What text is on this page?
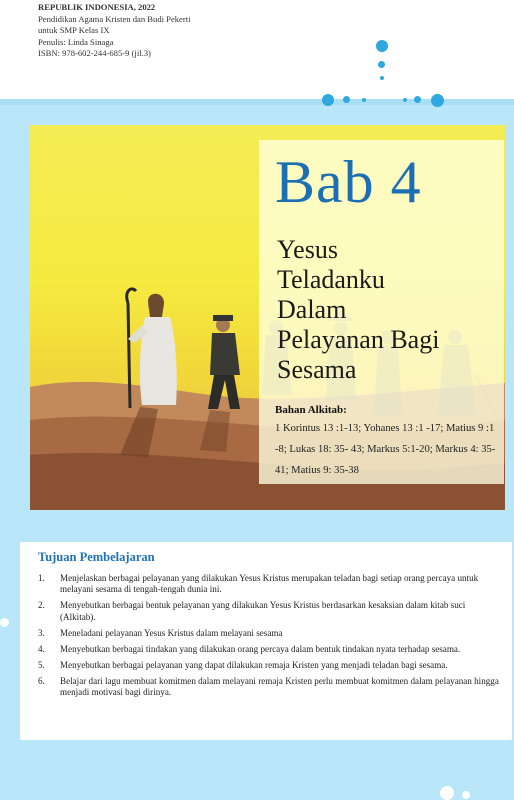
REPUBLIK INDONESIA, 2022
Pendidikan Agama Kristen dan Budi Pekerti
untuk SMP Kelas IX
Penulis: Linda Sinaga
ISBN: 978-602-244-685-9 (jil.3)
Bab 4
Yesus
Teladanku
Dalam
Pelayanan Bagi
Sesama
Bahan Alkitab:
1 Korintus 13 :1-13; Yohanes 13 :1 -17; Matius 9 :1 -8; Lukas 18: 35- 43; Markus 5:1-20; Markus 4: 35- 41; Matius 9: 35-38
Tujuan Pembelajaran
1. Menjelaskan berbagai pelayanan yang dilakukan Yesus Kristus merupakan teladan bagi setiap orang percaya untuk melayani sesama di tengah-tengah dunia ini.
2. Menyebutkan berbagai bentuk pelayanan yang dilakukan Yesus Kristus berdasarkan kesaksian dalam kitab suci (Alkitab).
3. Meneladani pelayanan Yesus Kristus dalam melayani sesama
4. Menyebutkan berbagai tindakan yang dilakukan orang percaya dalam bentuk tindakan nyata terhadap sesama.
5. Menyebutkan berbagai pelayanan yang dapat dilakukan remaja Kristen yang menjadi teladan bagi sesama.
6. Belajar dari lagu membuat komitmen dalam melayani remaja Kristen perlu membuat komitmen dalam pelayanan hingga menjadi motivasi bagi dirinya.
